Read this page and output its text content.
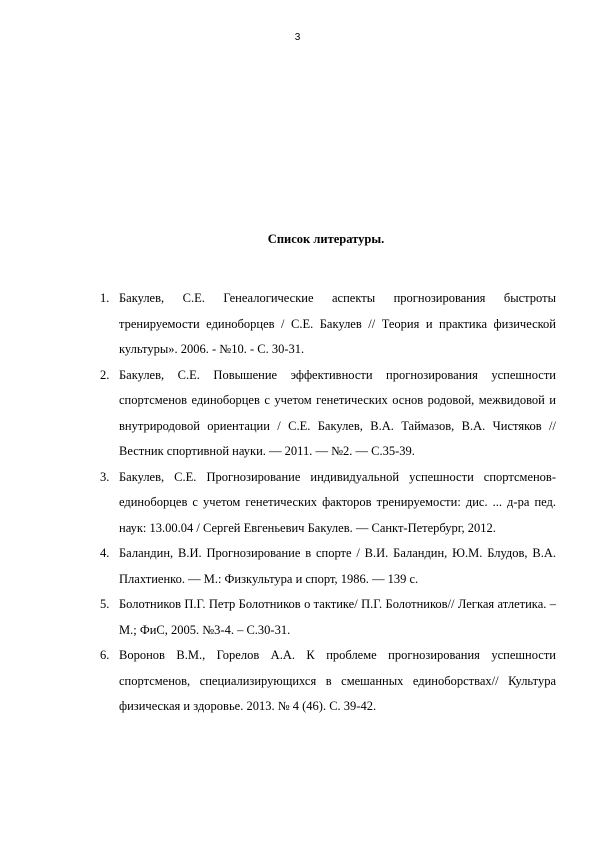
3
Список литературы.
1. Бакулев, С.Е. Генеалогические аспекты прогнозирования быстроты тренируемости единоборцев / С.Е. Бакулев // Теория и практика физической культуры». 2006. - №10. - С. 30-31.
2. Бакулев, С.Е. Повышение эффективности прогнозирования успешности спортсменов единоборцев с учетом генетических основ родовой, межвидовой и внутриродовой ориентации / С.Е. Бакулев, В.А. Таймазов, В.А. Чистяков // Вестник спортивной науки. — 2011. — №2. — С.35-39.
3. Бакулев, С.Е. Прогнозирование индивидуальной успешности спортсменов-единоборцев с учетом генетических факторов тренируемости: дис. ... д-ра пед. наук: 13.00.04 / Сергей Евгеньевич Бакулев. — Санкт-Петербург, 2012.
4. Баландин, В.И. Прогнозирование в спорте / В.И. Баландин, Ю.М. Блудов, В.А. Плахтиенко. — М.: Физкультура и спорт, 1986. — 139 с.
5. Болотников П.Г. Петр Болотников о тактике/ П.Г. Болотников// Легкая атлетика. – М.; ФиС, 2005. №3-4. – С.30-31.
6. Воронов В.М., Горелов А.А. К проблеме прогнозирования успешности спортсменов, специализирующихся в смешанных единоборствах// Культура физическая и здоровье. 2013. № 4 (46). С. 39-42.
